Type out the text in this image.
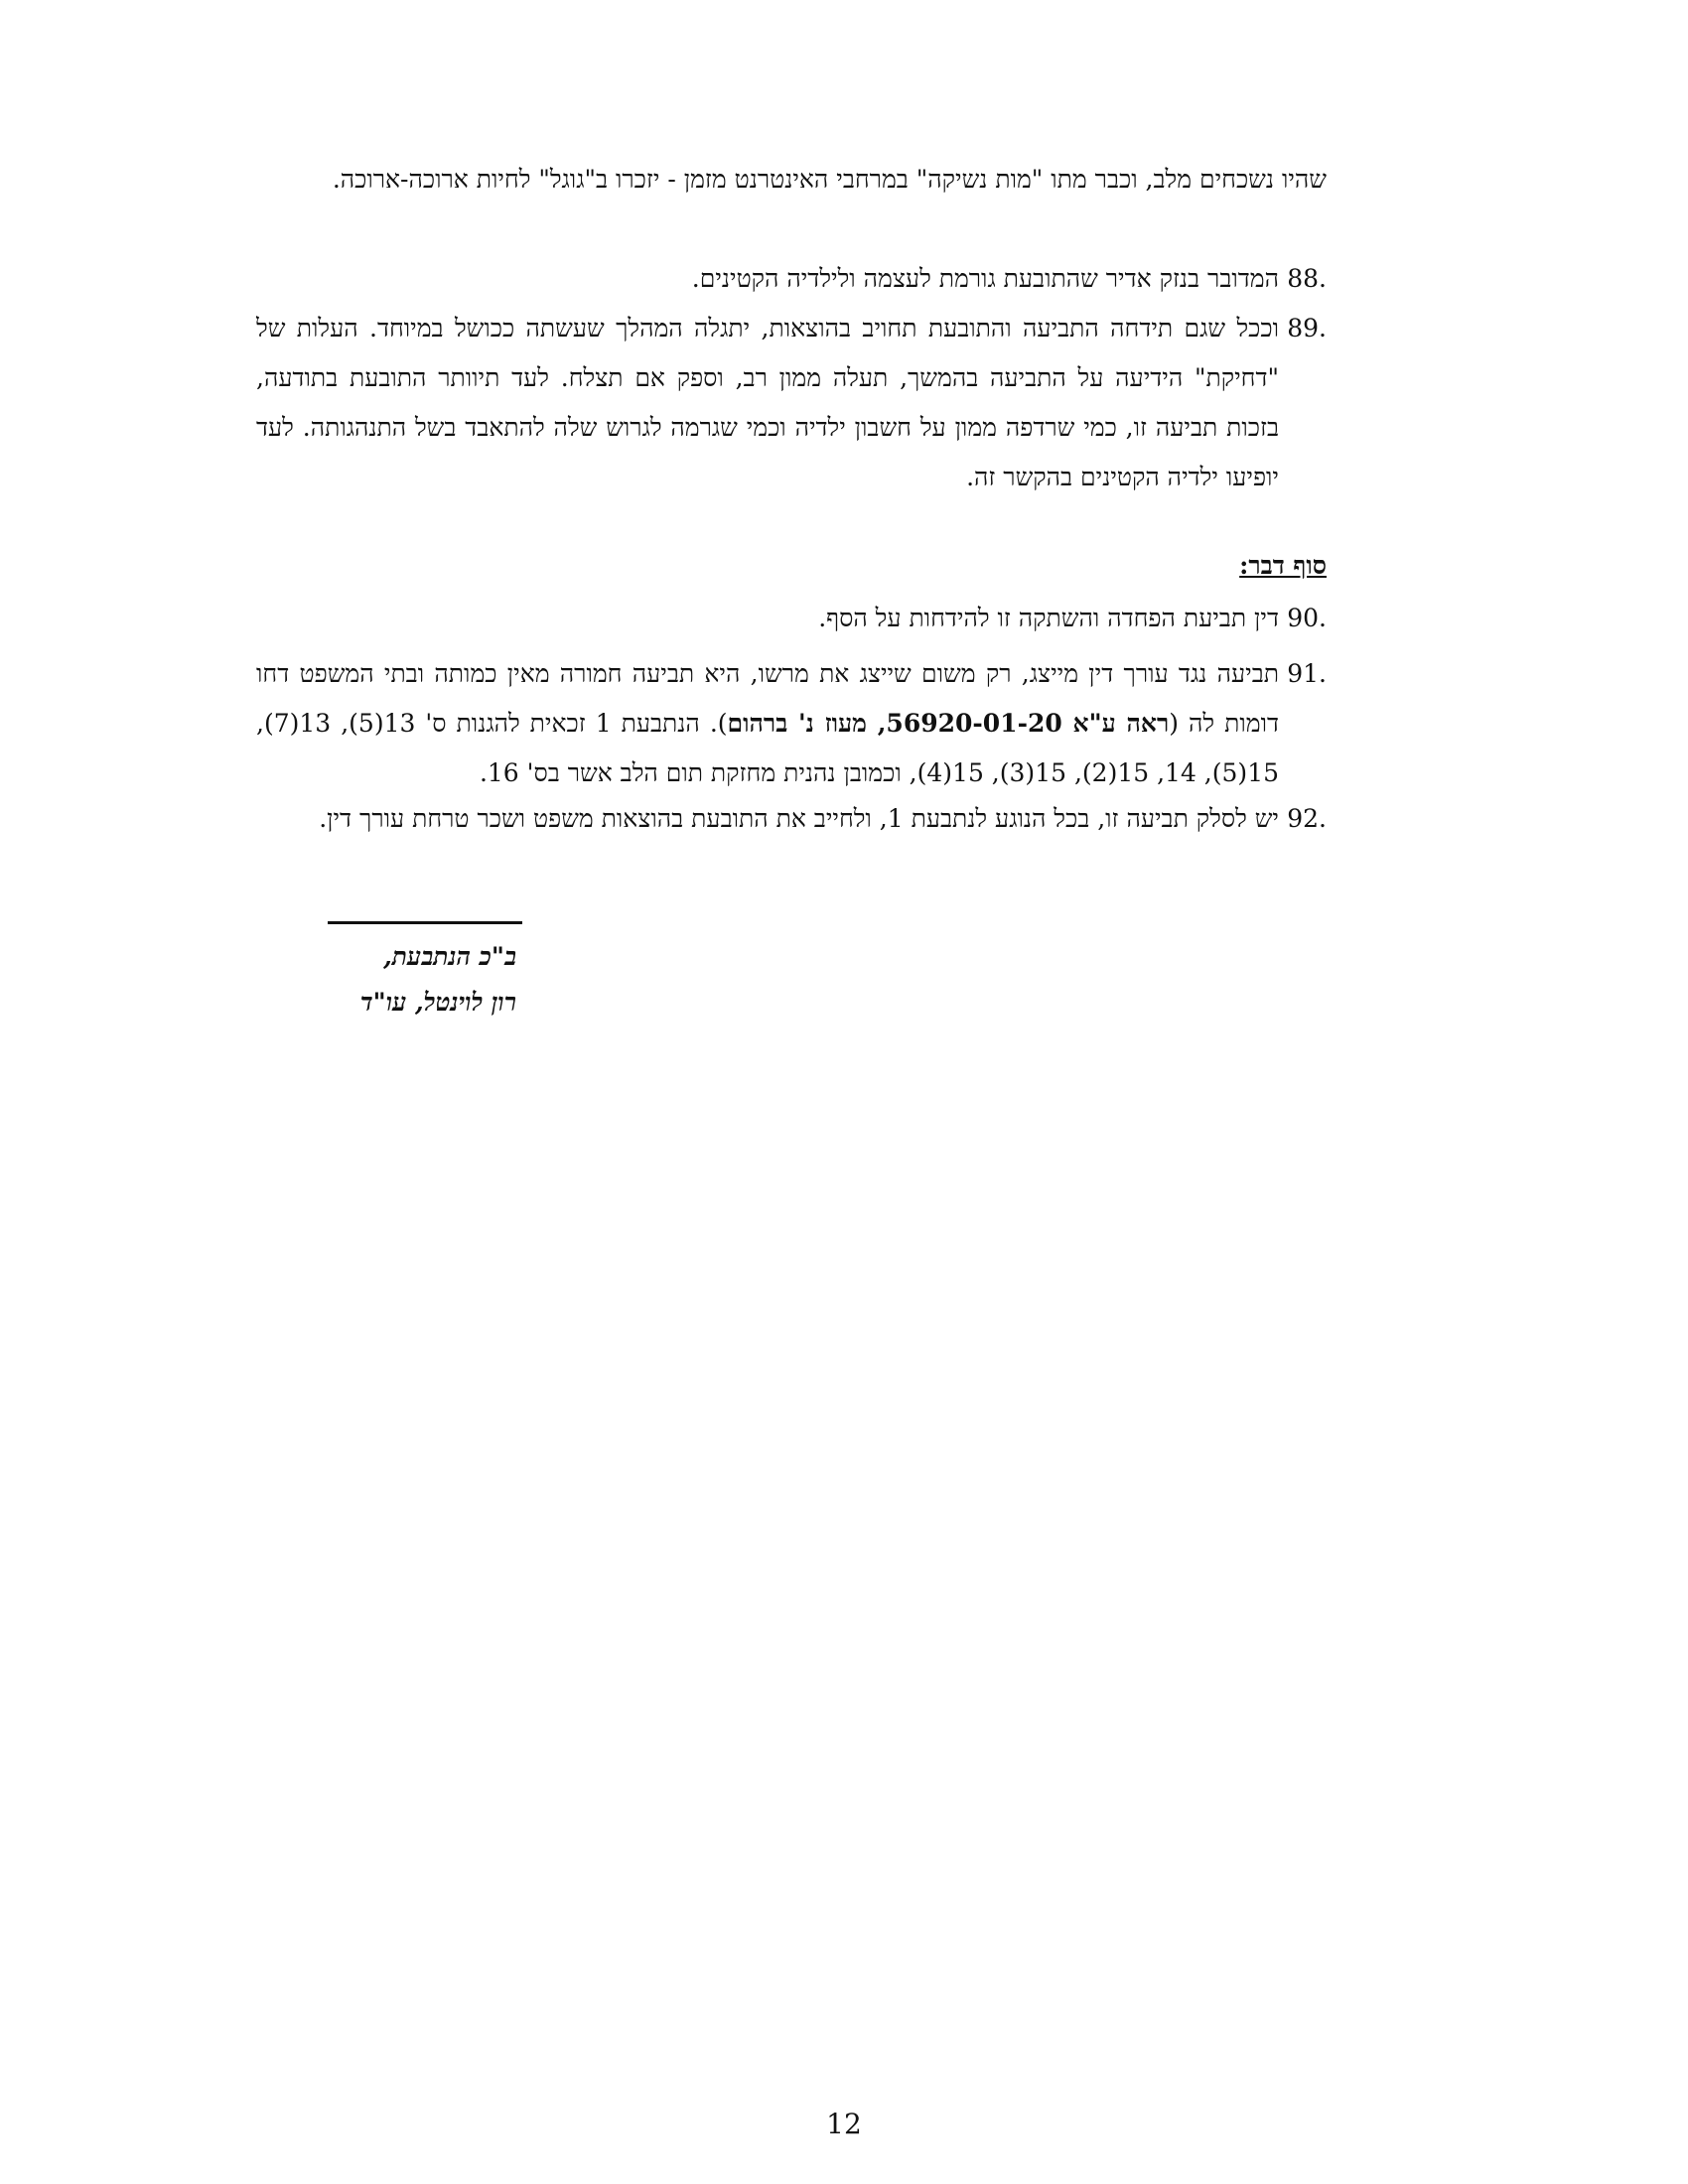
שהיו נשכחים מלב, וכבר מתו "מות נשיקה" במרחבי האינטרנט מזמן - יזכרו ב"גוגל" לחיות ארוכה-ארוכה.
88.
המדובר בנזק אדיר שהתובעת גורמת לעצמה ולילדיה הקטינים.
89.
וככל שגם תידחה התביעה והתובעת תחויב בהוצאות, יתגלה המהלך שעשתה ככושל במיוחד. העלות של "דחיקת" הידיעה על התביעה בהמשך, תעלה ממון רב, וספק אם תצלח. לעד תיוותר התובעת בתודעה, בזכות תביעה זו, כמי שרדפה ממון על חשבון ילדיה וכמי שגרמה לגרוש שלה להתאבד בשל התנהגותה. לעד יופיעו ילדיה הקטינים בהקשר זה.
סוף דבר:
90.
דין תביעת הפחדה והשתקה זו להידחות על הסף.
91.
תביעה נגד עורך דין מייצג, רק משום שייצג את מרשו, היא תביעה חמורה מאין כמותה ובתי המשפט דחו דומות לה (ראה ע"א 56920-01-20, מעוז נ' ברהום). הנתבעת 1 זכאית להגנות ס' 13(5), 13(7), 15(5), 14, 15(2), 15(3), 15(4), וכמובן נהנית מחזקת תום הלב אשר בס' 16.
92.
יש לסלק תביעה זו, בכל הנוגע לנתבעת 1, ולחייב את התובעת בהוצאות משפט ושכר טרחת עורך דין.
ב"כ הנתבעת,
רון לוינטל, עו"ד
12
